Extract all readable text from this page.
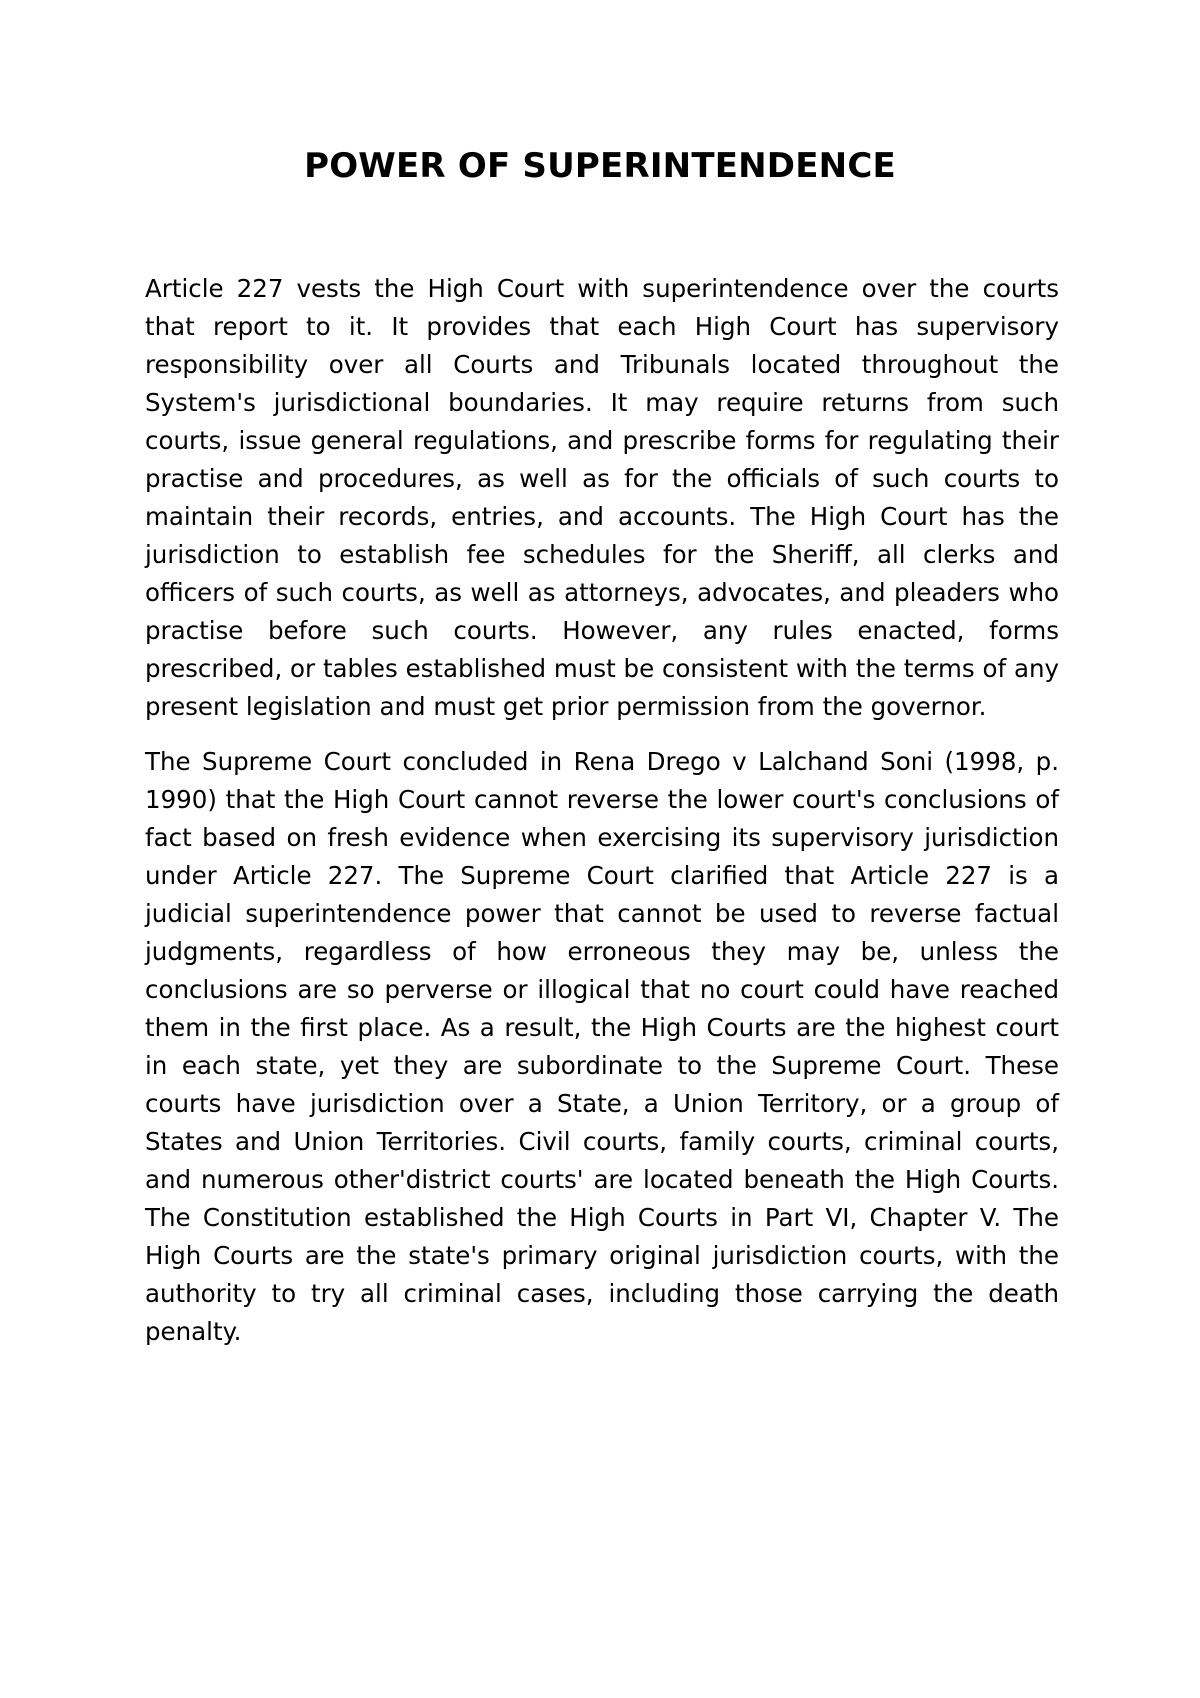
POWER OF SUPERINTENDENCE

Article 227 vests the High Court with superintendence over the courts that report to it. It provides that each High Court has supervisory responsibility over all Courts and Tribunals located throughout the System's jurisdictional boundaries. It may require returns from such courts, issue general regulations, and prescribe forms for regulating their practise and procedures, as well as for the officials of such courts to maintain their records, entries, and accounts. The High Court has the jurisdiction to establish fee schedules for the Sheriff, all clerks and officers of such courts, as well as attorneys, advocates, and pleaders who practise before such courts. However, any rules enacted, forms prescribed, or tables established must be consistent with the terms of any present legislation and must get prior permission from the governor.

The Supreme Court concluded in Rena Drego v Lalchand Soni (1998, p. 1990) that the High Court cannot reverse the lower court's conclusions of fact based on fresh evidence when exercising its supervisory jurisdiction under Article 227. The Supreme Court clarified that Article 227 is a judicial superintendence power that cannot be used to reverse factual judgments, regardless of how erroneous they may be, unless the conclusions are so perverse or illogical that no court could have reached them in the first place. As a result, the High Courts are the highest court in each state, yet they are subordinate to the Supreme Court. These courts have jurisdiction over a State, a Union Territory, or a group of States and Union Territories. Civil courts, family courts, criminal courts, and numerous other'district courts' are located beneath the High Courts. The Constitution established the High Courts in Part VI, Chapter V. The High Courts are the state's primary original jurisdiction courts, with the authority to try all criminal cases, including those carrying the death penalty.
